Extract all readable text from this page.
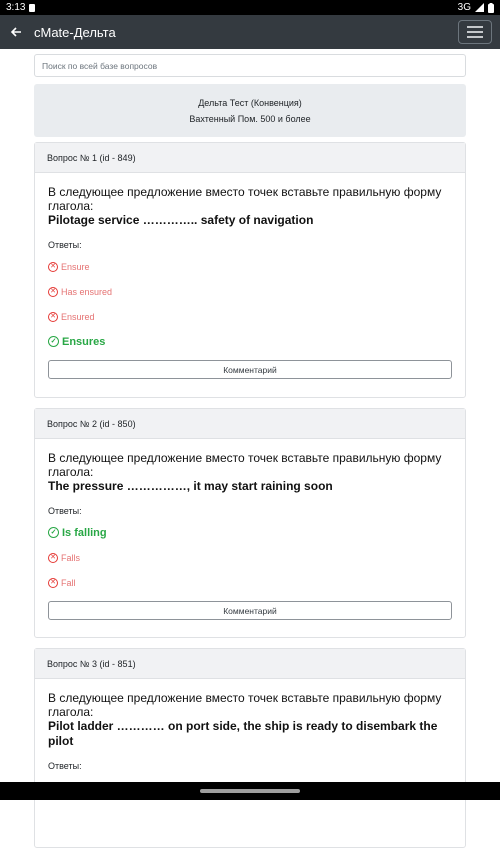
3:13	3G
сMate-Дельта
Поиск по всей базе вопросов
Дельта Тест (Конвенция)
Вахтенный Пом. 500 и более
Вопрос № 1 (id - 849)
В следующее предложение вместо точек вставьте правильную форму глагола:
Pilotage service ………….. safety of navigation
Ответы:
✕ Ensure
✕ Has ensured
✕ Ensured
✓ Ensures
Комментарий
Вопрос № 2 (id - 850)
В следующее предложение вместо точек вставьте правильную форму глагола:
The pressure ……………, it may start raining soon
Ответы:
✓ Is falling
✕ Falls
✕ Fall
Комментарий
Вопрос № 3 (id - 851)
В следующее предложение вместо точек вставьте правильную форму глагола:
Pilot ladder ………… on port side, the ship is ready to disembark the pilot
Ответы:
